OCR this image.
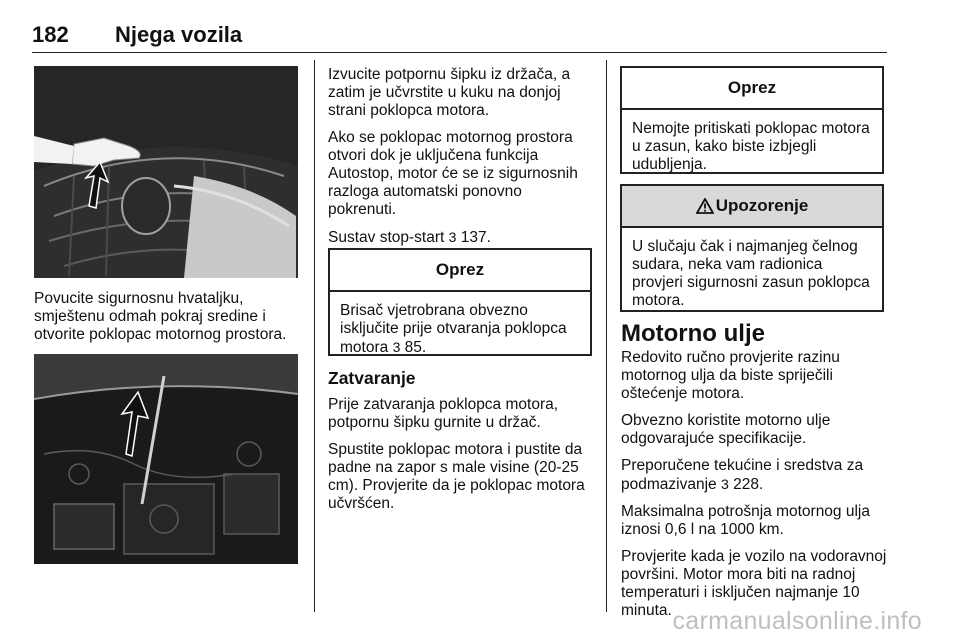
182 Njega vozila

Povucite sigurnosnu hvataljku, smještenu odmah pokraj sredine i otvorite poklopac motornog prostora.

Izvucite potpornu šipku iz držača, a zatim je učvrstite u kuku na donjoj strani poklopca motora.

Ako se poklopac motornog prostora otvori dok je uključena funkcija Autostop, motor će se iz sigurnosnih razloga automatski ponovno pokrenuti.

Sustav stop-start 3 137.

Oprez
Brisač vjetrobrana obvezno isključite prije otvaranja poklopca motora 3 85.
Zatvaranje

Prije zatvaranja poklopca motora, potpornu šipku gurnite u držač.

Spustite poklopac motora i pustite da padne na zapor s male visine (20-25 cm). Provjerite da je poklopac motora učvršćen.

Oprez
Nemojte pritiskati poklopac motora u zasun, kako biste izbjegli udubljenja.
Upozorenje
U slučaju čak i najmanjeg čelnog sudara, neka vam radionica provjeri sigurnosni zasun poklopca motora.
Motorno ulje

Redovito ručno provjerite razinu motornog ulja da biste spriječili oštećenje motora.

Obvezno koristite motorno ulje odgovarajuće specifikacije.

Preporučene tekućine i sredstva za podmazivanje 3 228.

Maksimalna potrošnja motornog ulja iznosi 0,6 l na 1000 km.

Provjerite kada je vozilo na vodoravnoj površini. Motor mora biti na radnoj temperaturi i isključen najmanje 10 minuta. carmanualsonline.info
